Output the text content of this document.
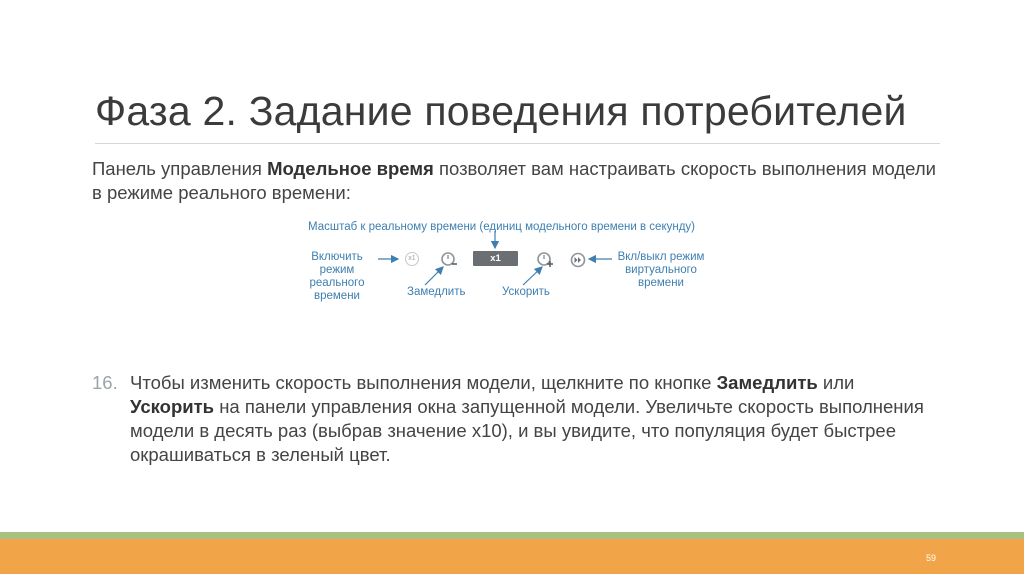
Фаза 2. Задание поведения потребителей
Панель управления Модельное время позволяет вам настраивать скорость выполнения модели в режиме реального времени:
Масштаб к реальному времени (единиц модельного времени в секунду)
Включить
режим
реального
времени
x1	x1	Вкл/выкл режим
виртуального
времени
Замедлить	Ускорить
16. Чтобы изменить скорость выполнения модели, щелкните по кнопке Замедлить или Ускорить на панели управления окна запущенной модели. Увеличьте скорость выполнения модели в десять раз (выбрав значение x10), и вы увидите, что популяция будет быстрее окрашиваться в зеленый цвет.
59
